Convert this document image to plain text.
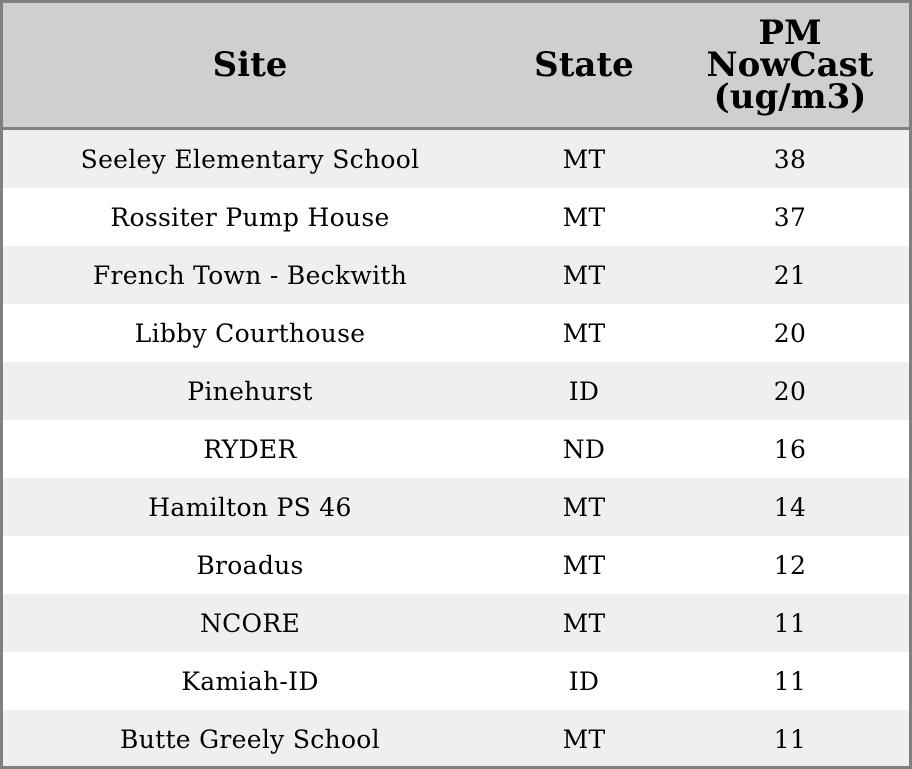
Site	State	PM
NowCast
(ug/m3)

Seeley Elementary School	MT	38
Rossiter Pump House	MT	37
French Town - Beckwith	MT	21
Libby Courthouse	MT	20
Pinehurst	ID	20
RYDER	ND	16
Hamilton PS 46	MT	14
Broadus	MT	12
NCORE	MT	11
Kamiah-ID	ID	11
Butte Greely School	MT	11
